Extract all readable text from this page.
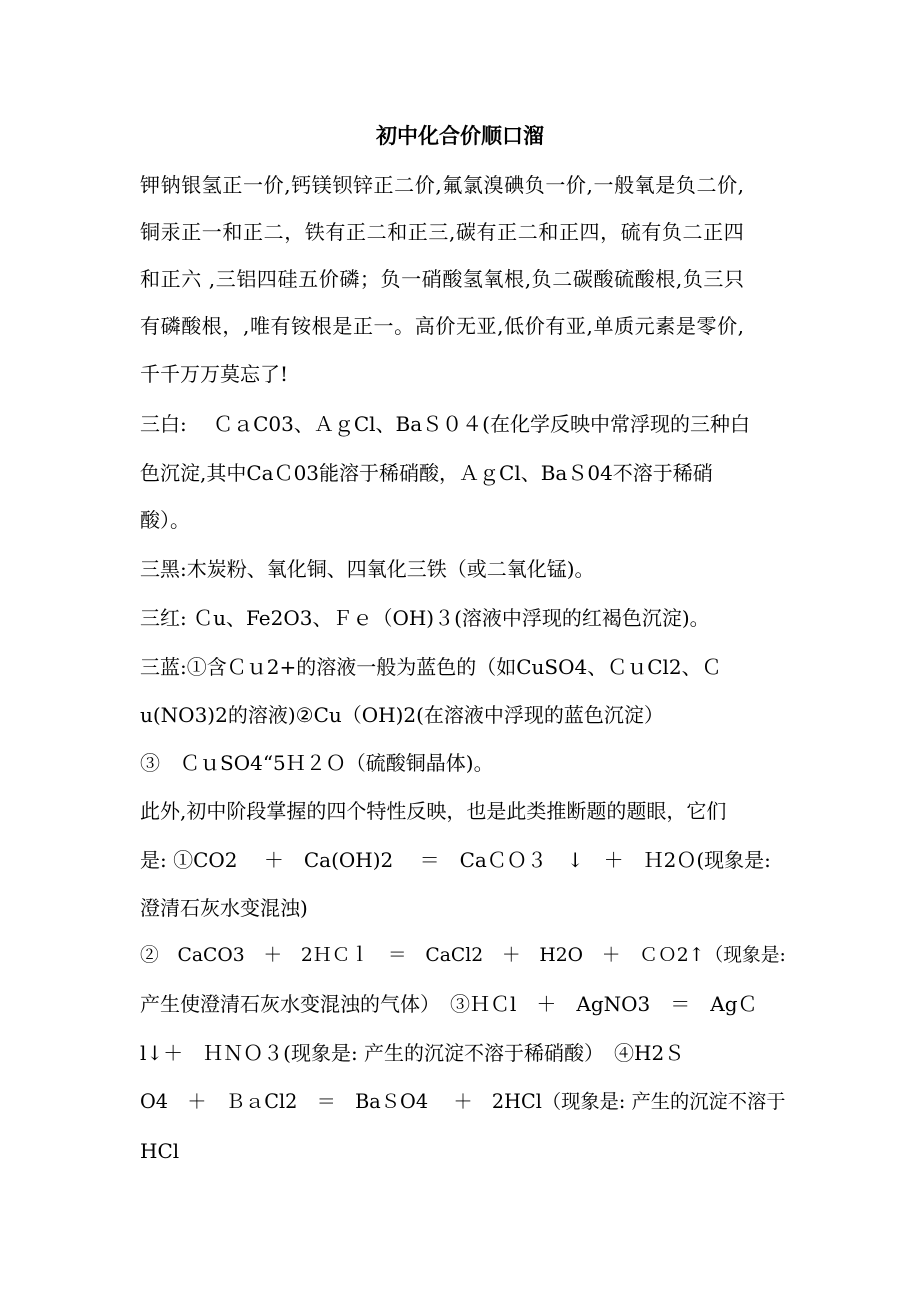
初中化合价顺口溜
钾钠银氢正一价,钙镁钡锌正二价,氟氯溴碘负一价,一般氧是负二价,
铜汞正一和正二，铁有正二和正三,碳有正二和正四，硫有负二正四
和正六 ,三铝四硅五价磷；负一硝酸氢氧根,负二碳酸硫酸根,负三只
有磷酸根，,唯有铵根是正一。高价无亚,低价有亚,单质元素是零价,
千千万万莫忘了!
三白:　 ＣａC03、ＡｇCl、BaＳ０４(在化学反映中常浮现的三种白
色沉淀,其中CaＣ03能溶于稀硝酸，ＡｇCl、BaＳ04不溶于稀硝
酸）。
三黑:木炭粉、氧化铜、四氧化三铁（或二氧化锰)。
三红: Ｃu、Fe2O3、Ｆｅ（OH)３(溶液中浮现的红褐色沉淀)。
三蓝:①含Ｃｕ2+的溶液一般为蓝色的（如CuSO4、ＣｕCl2、Ｃ
u(NO3)2的溶液)②Cu（OH)2(在溶液中浮现的蓝色沉淀）
③　ＣｕSO4“5Ｈ２Ｏ（硫酸铜晶体)。
此外,初中阶段掌握的四个特性反映，也是此类推断题的题眼，它们
是: ①CO2　 ＋　Ca(OH)2　 ＝　CaＣＯ３　↓　＋　Ｈ2Ｏ(现象是:
澄清石灰水变混浊)
②　CaCO3　＋　2ＨＣｌ　＝　CaCl2　＋　H2O　＋　ＣＯ2↑（现象是:
产生使澄清石灰水变混浊的气体）　③ＨＣl　＋　AgNO3　＝　AgＣ
l↓＋　ＨＮＯ３(现象是: 产生的沉淀不溶于稀硝酸）　④H2Ｓ
O4　＋　ＢａCl2　＝　BaＳO4　 ＋　2HCl（现象是: 产生的沉淀不溶于
HCl
